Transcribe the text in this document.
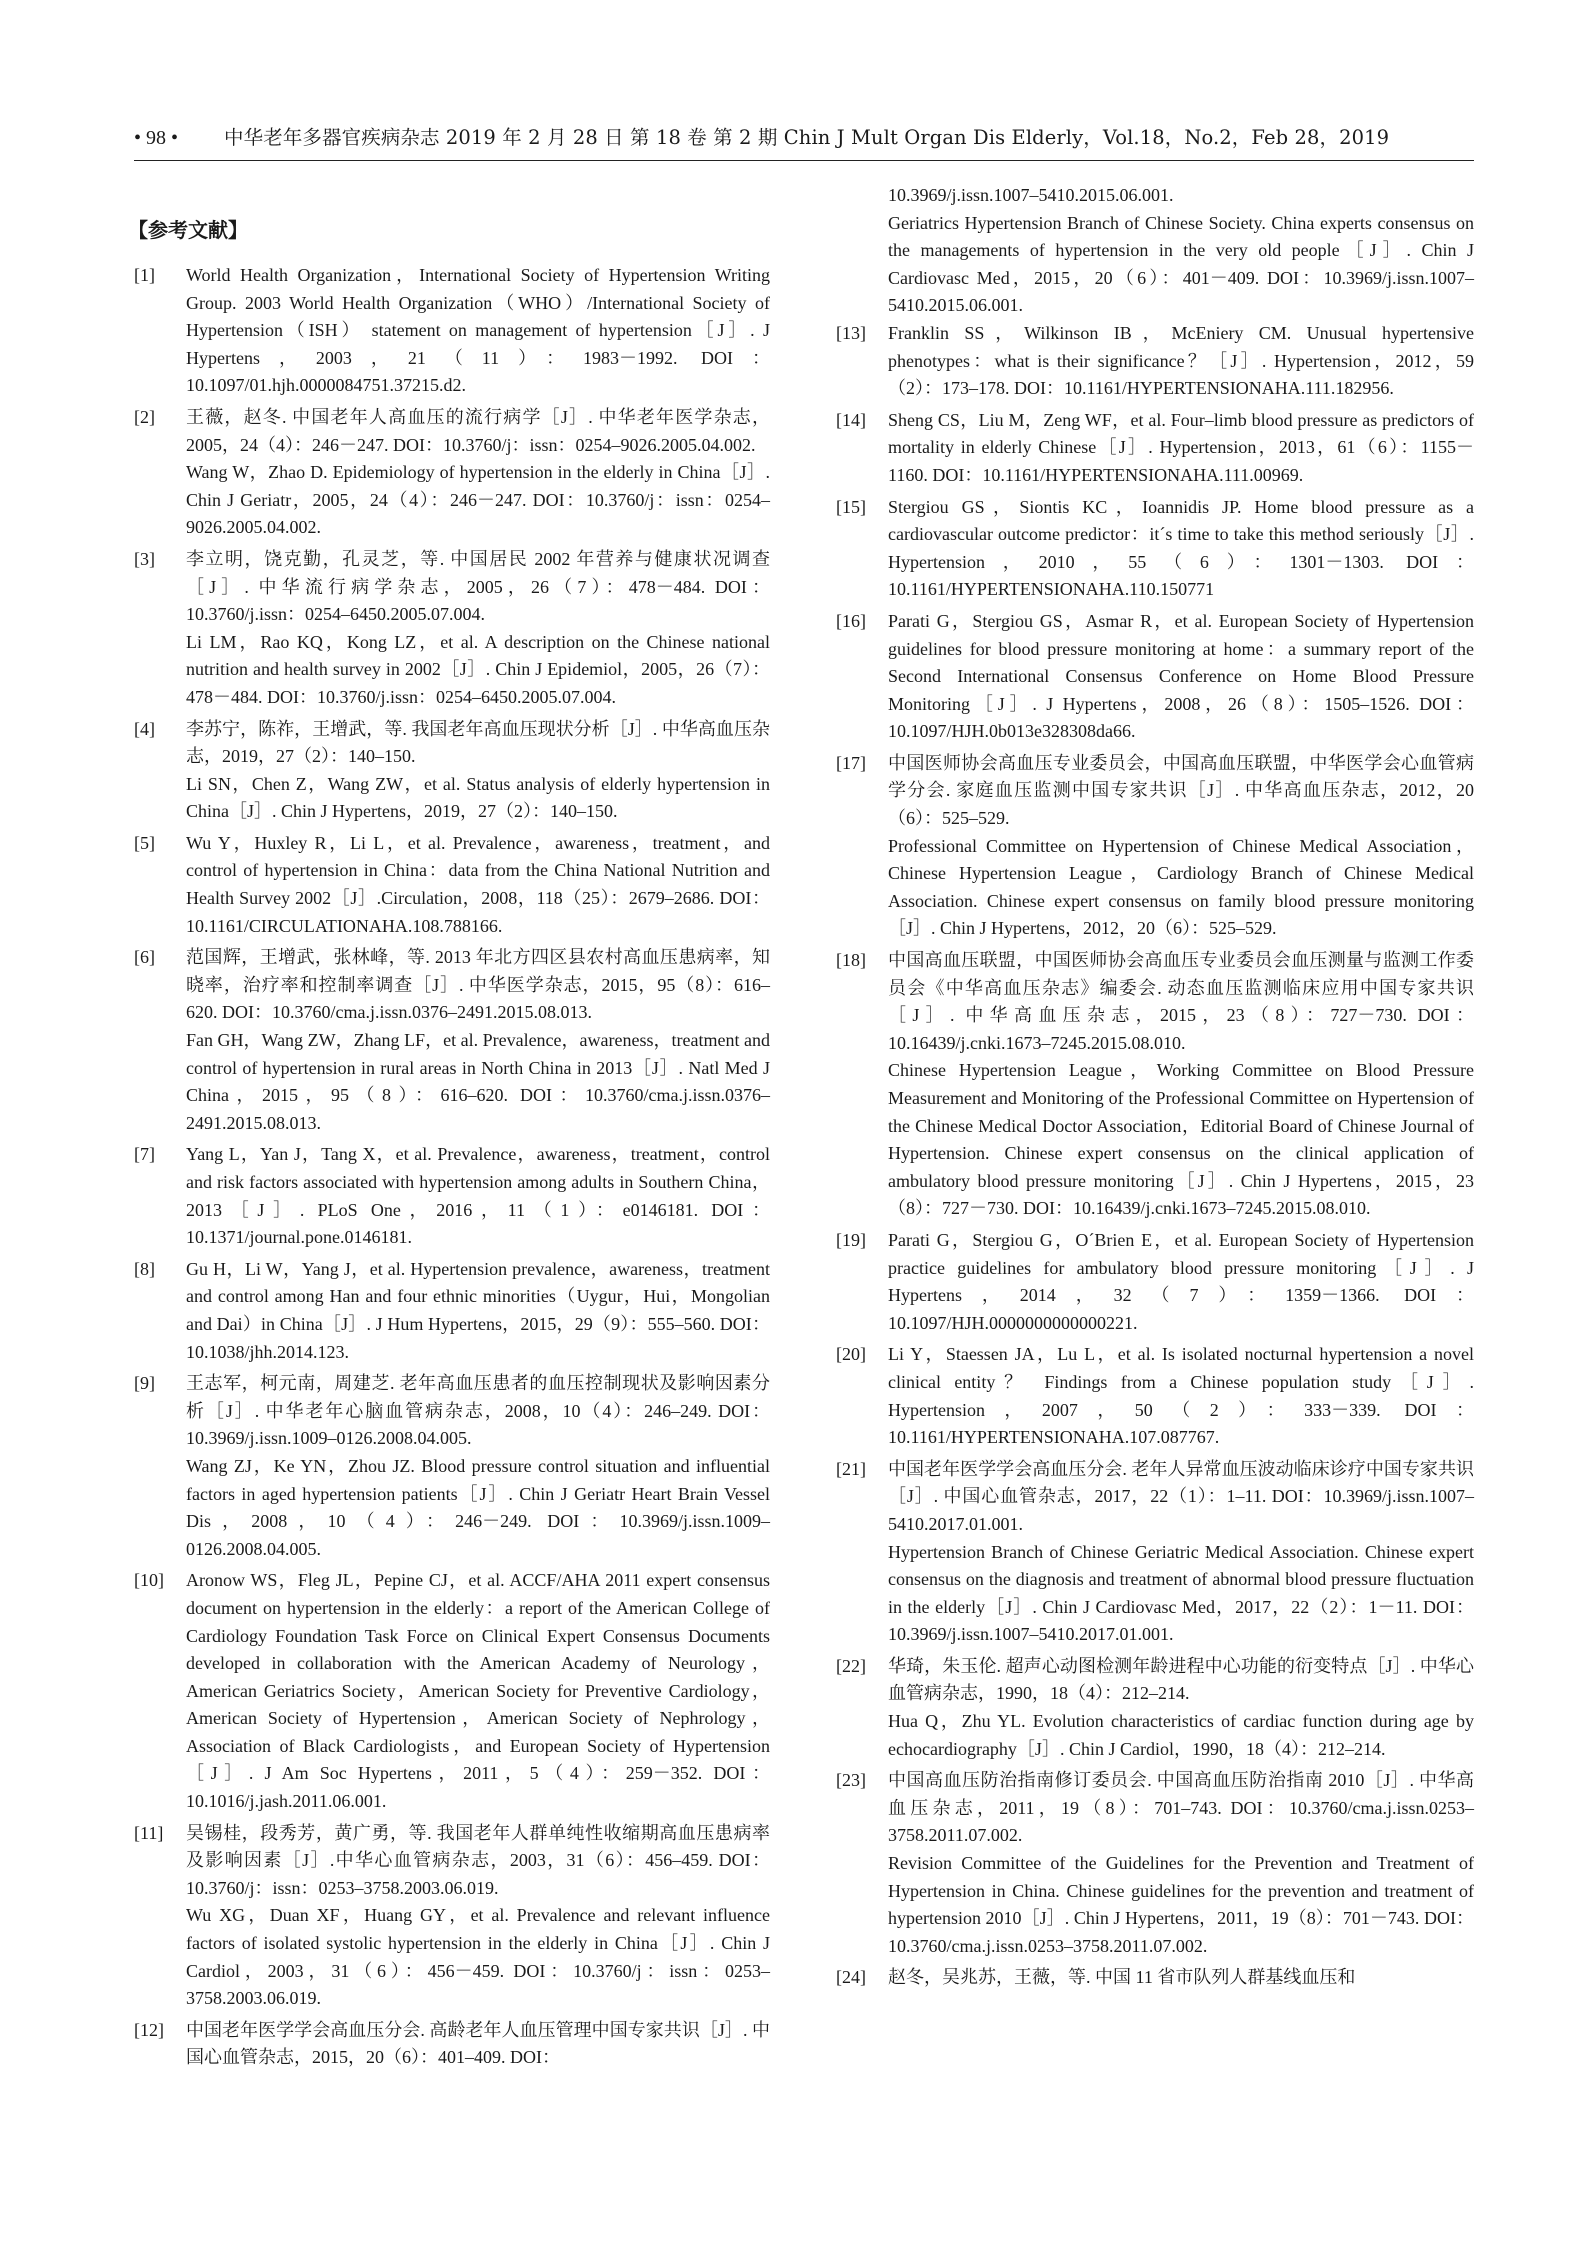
• 98 • 中华老年多器官疾病杂志 2019 年 2 月 28 日 第 18 卷 第 2 期 Chin J Mult Organ Dis Elderly，Vol.18，No.2，Feb 28，2019
【参考文献】
[1]	World Health Organization，International Society of Hypertension Writing Group. 2003 World Health Organization（WHO）/International Society of Hypertension（ISH） statement on management of hypertension［J］. J Hypertens，2003，21（11）：1983－1992. DOI：10.1097/01.hjh.0000084751.37215.d2.

[2]	王薇，赵冬. 中国老年人高血压的流行病学［J］. 中华老年医学杂志，2005，24（4）：246－247. DOI：10.3760/j：issn：0254–9026.2005.04.002.

Wang W，Zhao D. Epidemiology of hypertension in the elderly in China［J］. Chin J Geriatr，2005，24（4）：246－247. DOI：10.3760/j：issn：0254–9026.2005.04.002.

[3]	李立明，饶克勤，孔灵芝，等. 中国居民 2002 年营养与健康状况调查［J］. 中华流行病学杂志，2005，26（7）：478－484. DOI：10.3760/j.issn：0254–6450.2005.07.004.

Li LM，Rao KQ，Kong LZ，et al. A description on the Chinese national nutrition and health survey in 2002［J］. Chin J Epidemiol，2005，26（7）：478－484. DOI：10.3760/j.issn：0254–6450.2005.07.004.

[4]	李苏宁，陈祚，王增武，等. 我国老年高血压现状分析［J］. 中华高血压杂志，2019，27（2）：140–150.

Li SN，Chen Z，Wang ZW，et al. Status analysis of elderly hypertension in China［J］. Chin J Hypertens，2019，27（2）：140–150.

[5]	Wu Y，Huxley R，Li L，et al. Prevalence，awareness，treatment，and control of hypertension in China：data from the China National Nutrition and Health Survey 2002［J］.Circulation，2008，118（25）：2679–2686. DOI：10.1161/CIRCULATIONAHA.108.788166.

[6]	范国辉，王增武，张林峰，等. 2013 年北方四区县农村高血压患病率，知晓率，治疗率和控制率调查［J］. 中华医学杂志，2015，95（8）：616–620. DOI：10.3760/cma.j.issn.0376–2491.2015.08.013.

Fan GH，Wang ZW，Zhang LF，et al. Prevalence，awareness，treatment and control of hypertension in rural areas in North China in 2013［J］. Natl Med J China，2015，95（8）：616–620. DOI：10.3760/cma.j.issn.0376–2491.2015.08.013.

[7]	Yang L，Yan J，Tang X，et al. Prevalence，awareness，treatment，control and risk factors associated with hypertension among adults in Southern China，2013［J］. PLoS One，2016，11（1）：e0146181. DOI：10.1371/journal.pone.0146181.

[8]	Gu H，Li W，Yang J，et al. Hypertension prevalence，awareness，treatment and control among Han and four ethnic minorities（Uygur，Hui，Mongolian and Dai）in China［J］. J Hum Hypertens，2015，29（9）：555–560. DOI：10.1038/jhh.2014.123.

[9]	王志军，柯元南，周建芝. 老年高血压患者的血压控制现状及影响因素分析［J］. 中华老年心脑血管病杂志，2008，10（4）：246–249. DOI：10.3969/j.issn.1009–0126.2008.04.005.

Wang ZJ，Ke YN，Zhou JZ. Blood pressure control situation and influential factors in aged hypertension patients［J］. Chin J Geriatr Heart Brain Vessel Dis，2008，10（4）：246－249. DOI：10.3969/j.issn.1009–0126.2008.04.005.

[10]	Aronow WS，Fleg JL，Pepine CJ，et al. ACCF/AHA 2011 expert consensus document on hypertension in the elderly：a report of the American College of Cardiology Foundation Task Force on Clinical Expert Consensus Documents developed in collaboration with the American Academy of Neurology，American Geriatrics Society，American Society for Preventive Cardiology，American Society of Hypertension，American Society of Nephrology，Association of Black Cardiologists，and European Society of Hypertension［J］. J Am Soc Hypertens，2011，5（4）：259－352. DOI：10.1016/j.jash.2011.06.001.

[11]	吴锡桂，段秀芳，黄广勇，等. 我国老年人群单纯性收缩期高血压患病率及影响因素［J］.中华心血管病杂志，2003，31（6）：456–459. DOI：10.3760/j：issn：0253–3758.2003.06.019.

Wu XG，Duan XF，Huang GY，et al. Prevalence and relevant influence factors of isolated systolic hypertension in the elderly in China［J］. Chin J Cardiol，2003，31（6）：456－459. DOI：10.3760/j：issn：0253–3758.2003.06.019.

[12]	中国老年医学学会高血压分会. 高龄老年人血压管理中国专家共识［J］. 中国心血管杂志，2015，20（6）：401–409. DOI：

10.3969/j.issn.1007–5410.2015.06.001.

Geriatrics Hypertension Branch of Chinese Society. China experts consensus on the managements of hypertension in the very old people［J］. Chin J Cardiovasc Med，2015，20（6）：401－409. DOI：10.3969/j.issn.1007–5410.2015.06.001.

[13]	Franklin SS，Wilkinson IB，McEniery CM. Unusual hypertensive phenotypes：what is their significance？［J］. Hypertension，2012，59（2）：173–178. DOI：10.1161/HYPERTENSIONAHA.111.182956.

[14]	Sheng CS，Liu M，Zeng WF，et al. Four–limb blood pressure as predictors of mortality in elderly Chinese［J］. Hypertension，2013，61（6）：1155－1160. DOI：10.1161/HYPERTENSIONAHA.111.00969.

[15]	Stergiou GS，Siontis KC，Ioannidis JP. Home blood pressure as a cardiovascular outcome predictor：it´s time to take this method seriously［J］. Hypertension，2010，55（6）：1301－1303. DOI：10.1161/HYPERTENSIONAHA.110.150771

[16]	Parati G，Stergiou GS，Asmar R，et al. European Society of Hypertension guidelines for blood pressure monitoring at home：a summary report of the Second International Consensus Conference on Home Blood Pressure Monitoring［J］. J Hypertens，2008，26（8）：1505–1526. DOI：10.1097/HJH.0b013e328308da66.

[17]	中国医师协会高血压专业委员会，中国高血压联盟，中华医学会心血管病学分会. 家庭血压监测中国专家共识［J］. 中华高血压杂志，2012，20（6）：525–529.

Professional Committee on Hypertension of Chinese Medical Association，Chinese Hypertension League，Cardiology Branch of Chinese Medical Association. Chinese expert consensus on family blood pressure monitoring［J］. Chin J Hypertens，2012，20（6）：525–529.

[18]	中国高血压联盟，中国医师协会高血压专业委员会血压测量与监测工作委员会《中华高血压杂志》编委会. 动态血压监测临床应用中国专家共识［J］. 中华高血压杂志，2015，23（8）：727－730. DOI：10.16439/j.cnki.1673–7245.2015.08.010.

Chinese Hypertension League，Working Committee on Blood Pressure Measurement and Monitoring of the Professional Committee on Hypertension of the Chinese Medical Doctor Association，Editorial Board of Chinese Journal of Hypertension. Chinese expert consensus on the clinical application of ambulatory blood pressure monitoring［J］. Chin J Hypertens，2015，23（8）：727－730. DOI：10.16439/j.cnki.1673–7245.2015.08.010.

[19]	Parati G，Stergiou G，O´Brien E，et al. European Society of Hypertension practice guidelines for ambulatory blood pressure monitoring［J］. J Hypertens，2014，32（7）：1359－1366. DOI：10.1097/HJH.0000000000000221.

[20]	Li Y，Staessen JA，Lu L，et al. Is isolated nocturnal hypertension a novel clinical entity？ Findings from a Chinese population study［J］. Hypertension，2007，50（2）：333－339. DOI：10.1161/HYPERTENSIONAHA.107.087767.

[21]	中国老年医学学会高血压分会. 老年人异常血压波动临床诊疗中国专家共识［J］. 中国心血管杂志，2017，22（1）：1–11. DOI：10.3969/j.issn.1007–5410.2017.01.001.

Hypertension Branch of Chinese Geriatric Medical Association. Chinese expert consensus on the diagnosis and treatment of abnormal blood pressure fluctuation in the elderly［J］. Chin J Cardiovasc Med，2017，22（2）：1－11. DOI：10.3969/j.issn.1007–5410.2017.01.001.

[22]	华琦，朱玉伦. 超声心动图检测年龄进程中心功能的衍变特点［J］. 中华心血管病杂志，1990，18（4）：212–214.

Hua Q，Zhu YL. Evolution characteristics of cardiac function during age by echocardiography［J］. Chin J Cardiol，1990，18（4）：212–214.

[23]	中国高血压防治指南修订委员会. 中国高血压防治指南 2010［J］. 中华高血压杂志，2011，19（8）：701–743. DOI：10.3760/cma.j.issn.0253–3758.2011.07.002.

Revision Committee of the Guidelines for the Prevention and Treatment of Hypertension in China. Chinese guidelines for the prevention and treatment of hypertension 2010［J］. Chin J Hypertens，2011，19（8）：701－743. DOI：10.3760/cma.j.issn.0253–3758.2011.07.002.

[24]	赵冬，吴兆苏，王薇，等. 中国 11 省市队列人群基线血压和
